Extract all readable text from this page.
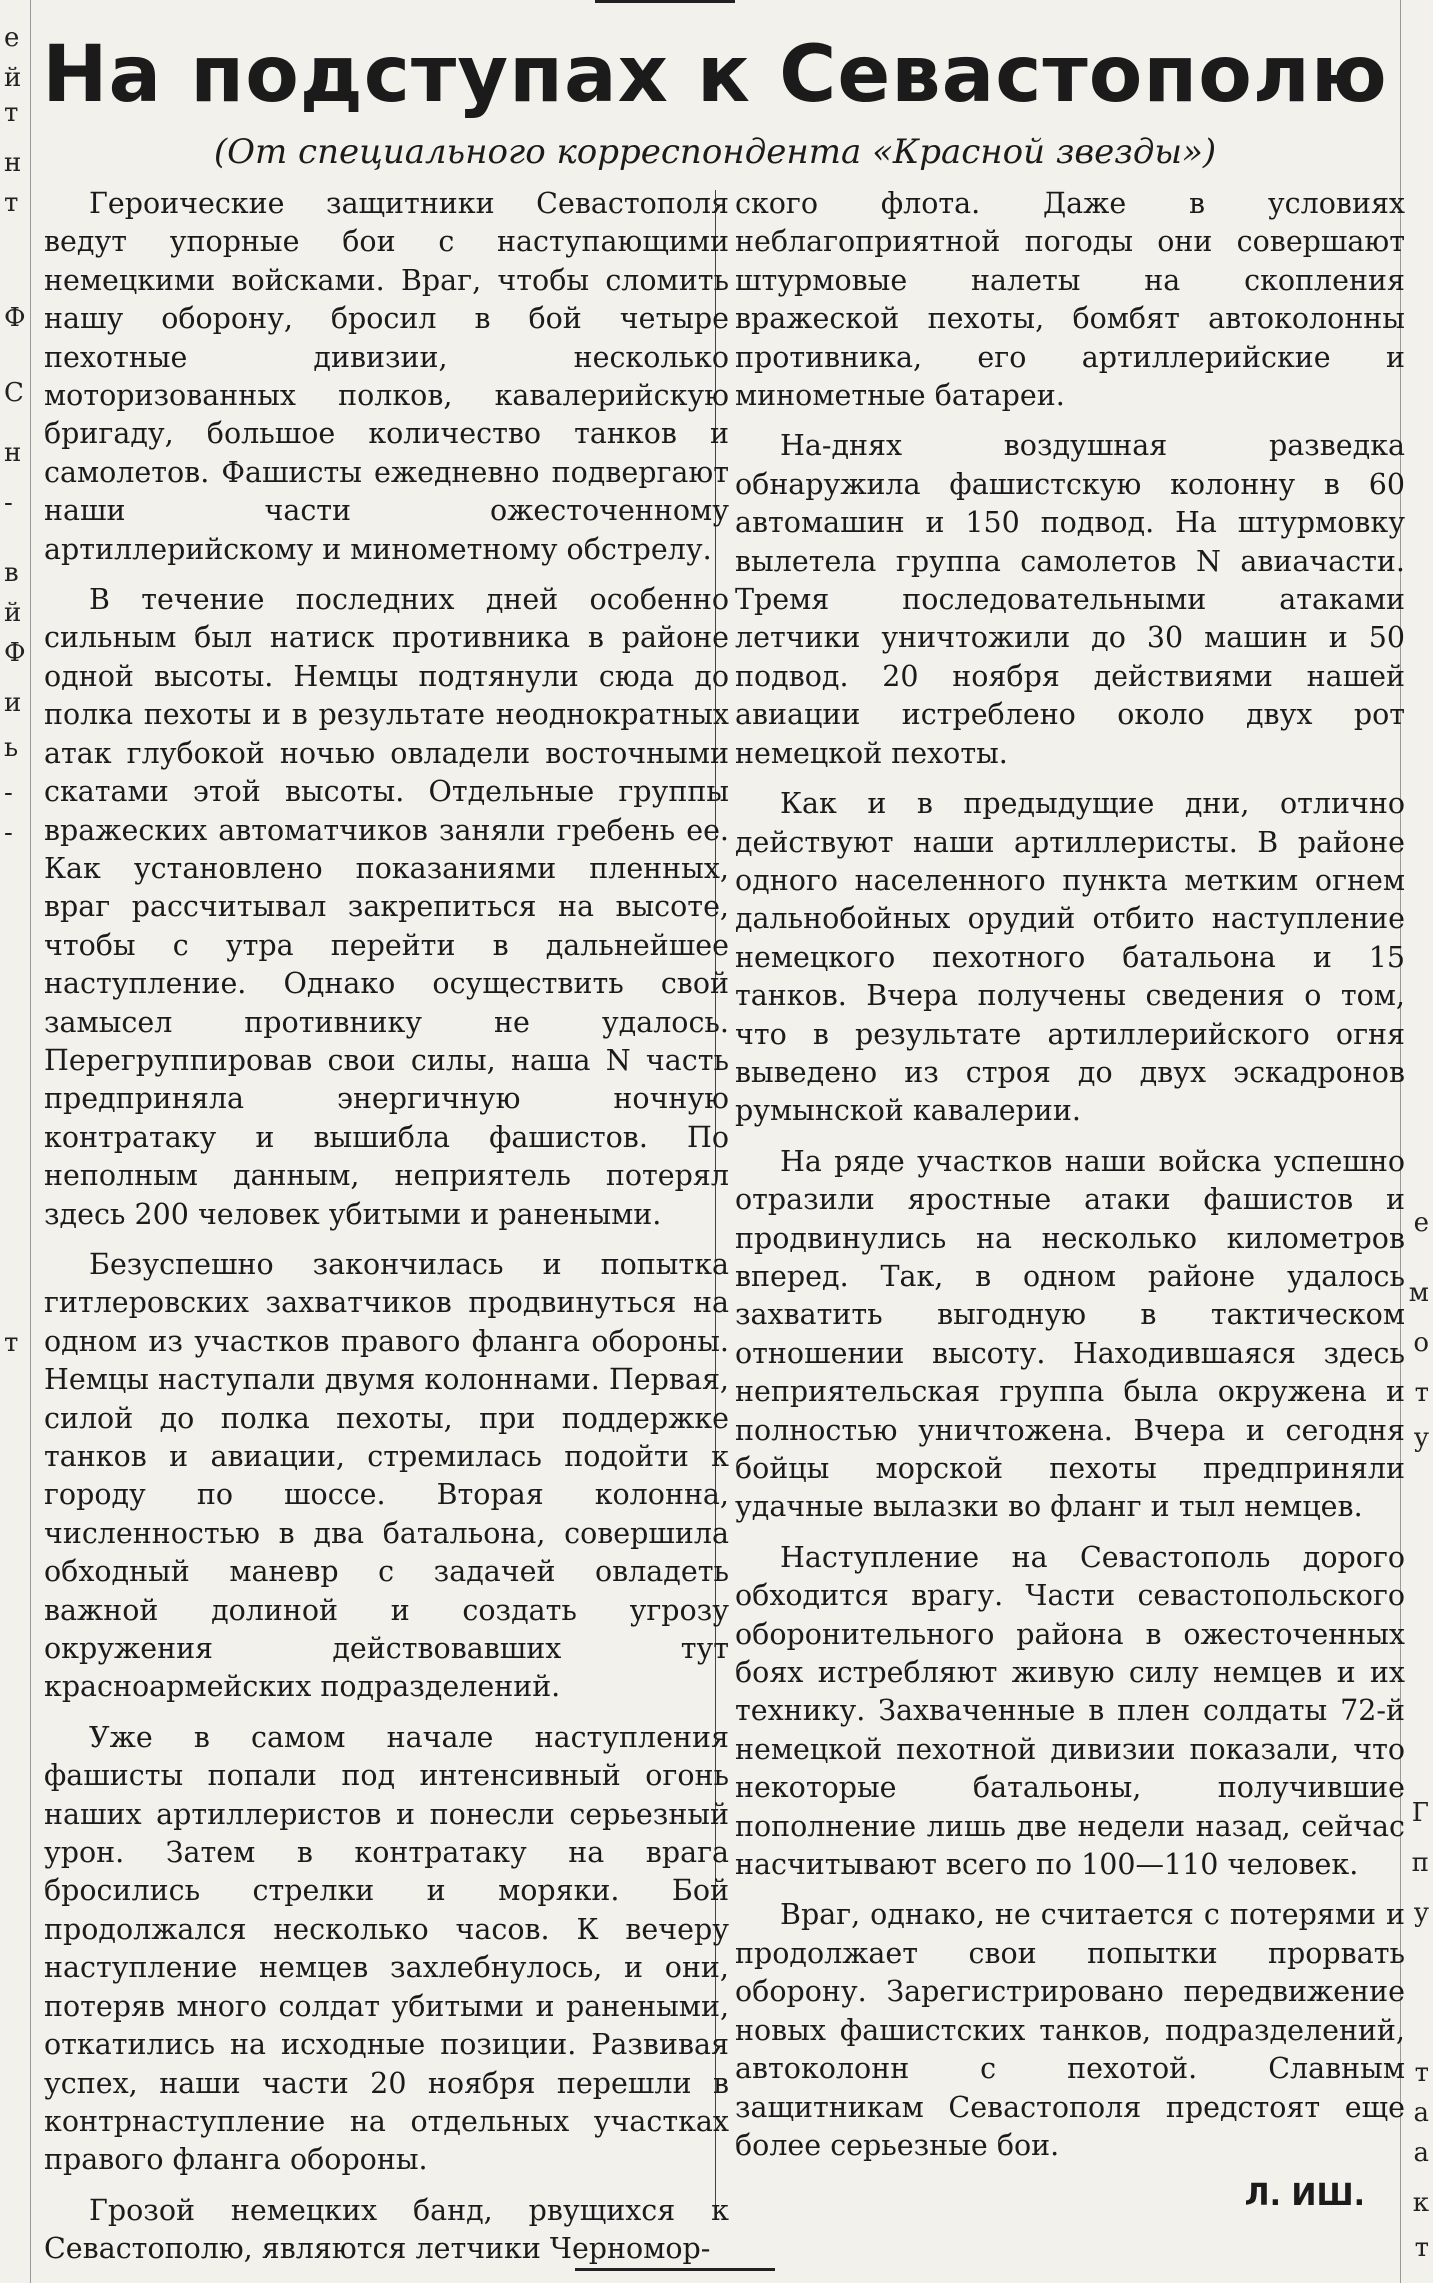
е
й
т
н
т
Ф
С
н
-
в
й
Ф
и
ь
-
-
т
е
м
о
т
у
Г
п
у
т
а
а
к
т
На подступах к Севастополю
(От специального корреспондента «Красной звезды»)

Героические защитники Севастополя ведут упорные бои с наступающими немецкими войсками. Враг, чтобы сломить нашу оборону, бросил в бой четыре пехотные дивизии, несколько моторизованных полков, кавалерийскую бригаду, большое количество танков и самолетов. Фашисты ежедневно подвергают наши части ожесточенному артиллерийскому и минометному обстрелу.

В течение последних дней особенно сильным был натиск противника в районе одной высоты. Немцы подтянули сюда до полка пехоты и в результате неоднократных атак глубокой ночью овладели восточными скатами этой высоты. Отдельные группы вражеских автоматчиков заняли гребень ее. Как установлено показаниями пленных, враг рассчитывал закрепиться на высоте, чтобы с утра перейти в дальнейшее наступление. Однако осуществить свой замысел противнику не удалось. Перегруппировав свои силы, наша N часть предприняла энергичную ночную контратаку и вышибла фашистов. По неполным данным, неприятель потерял здесь 200 человек убитыми и ранеными.

Безуспешно закончилась и попытка гитлеровских захватчиков продвинуться на одном из участков правого фланга обороны. Немцы наступали двумя колоннами. Первая, силой до полка пехоты, при поддержке танков и авиации, стремилась подойти к городу по шоссе. Вторая колонна, численностью в два батальона, совершила обходный маневр с задачей овладеть важной долиной и создать угрозу окружения действовавших тут красноармейских подразделений.

Уже в самом начале наступления фашисты попали под интенсивный огонь наших артиллеристов и понесли серьезный урон. Затем в контратаку на врага бросились стрелки и моряки. Бой продолжался несколько часов. К вечеру наступление немцев захлебнулось, и они, потеряв много солдат убитыми и ранеными, откатились на исходные позиции. Развивая успех, наши части 20 ноября перешли в контрнаступление на отдельных участках правого фланга обороны.

Грозой немецких банд, рвущихся к Севастополю, являются летчики Черномор-

ского флота. Даже в условиях неблагоприятной погоды они совершают штурмовые налеты на скопления вражеской пехоты, бомбят автоколонны противника, его артиллерийские и минометные батареи.

На-днях воздушная разведка обнаружила фашистскую колонну в 60 автомашин и 150 подвод. На штурмовку вылетела группа самолетов N авиачасти. Тремя последовательными атаками летчики уничтожили до 30 машин и 50 подвод. 20 ноября действиями нашей авиации истреблено около двух рот немецкой пехоты.

Как и в предыдущие дни, отлично действуют наши артиллеристы. В районе одного населенного пункта метким огнем дальнобойных орудий отбито наступление немецкого пехотного батальона и 15 танков. Вчера получены сведения о том, что в результате артиллерийского огня выведено из строя до двух эскадронов румынской кавалерии.

На ряде участков наши войска успешно отразили яростные атаки фашистов и продвинулись на несколько километров вперед. Так, в одном районе удалось захватить выгодную в тактическом отношении высоту. Находившаяся здесь неприятельская группа была окружена и полностью уничтожена. Вчера и сегодня бойцы морской пехоты предприняли удачные вылазки во фланг и тыл немцев.

Наступление на Севастополь дорого обходится врагу. Части севастопольского оборонительного района в ожесточенных боях истребляют живую силу немцев и их технику. Захваченные в плен солдаты 72-й немецкой пехотной дивизии показали, что некоторые батальоны, получившие пополнение лишь две недели назад, сейчас насчитывают всего по 100—110 человек.

Враг, однако, не считается с потерями и продолжает свои попытки прорвать оборону. Зарегистрировано передвижение новых фашистских танков, подразделений, автоколонн с пехотой. Славным защитникам Севастополя предстоят еще более серьезные бои.

Л. ИШ.
